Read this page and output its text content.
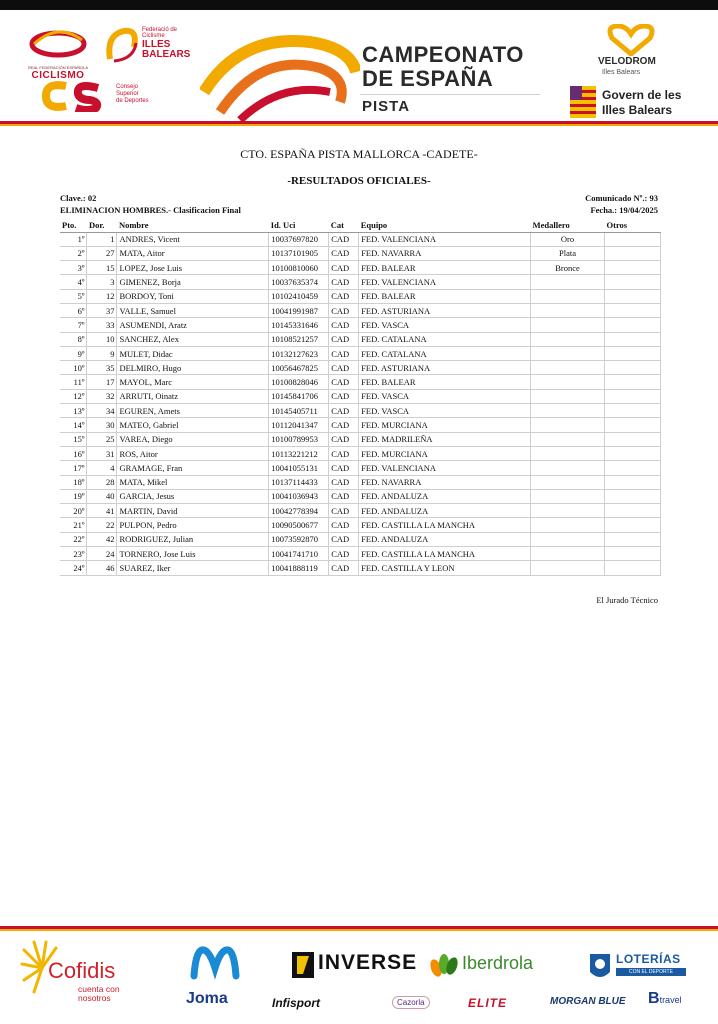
REAL FEDERACIÓN ESPAÑOLA
CICLISMO
Federació de Ciclisme
ILLES BALEARS
Consejo
Superior
de Deportes
CAMPEONATO
DE ESPAÑA
PISTA
VELODROM
Illes Balears
Govern de les
Illes Balears
CTO. ESPAÑA PISTA MALLORCA -CADETE-
-RESULTADOS OFICIALES-
Clave.: 02	Comunicado Nº.: 93
ELIMINACION HOMBRES.- Clasificacion Final	Fecha.: 19/04/2025
Pto.	Dor.	Nombre	Id. Uci	Cat	Equipo	Medallero	Otros
1º	1	ANDRES, Vicent	10037697820	CAD	FED. VALENCIANA	Oro	
2º	27	MATA, Aitor	10137101905	CAD	FED. NAVARRA	Plata	
3º	15	LOPEZ, Jose Luis	10100810060	CAD	FED. BALEAR	Bronce	
4º	3	GIMENEZ, Borja	10037635374	CAD	FED. VALENCIANA		
5º	12	BORDOY, Toni	10102410459	CAD	FED. BALEAR		
6º	37	VALLE, Samuel	10041991987	CAD	FED. ASTURIANA		
7º	33	ASUMENDI, Aratz	10145331646	CAD	FED. VASCA		
8º	10	SANCHEZ, Alex	10108521257	CAD	FED. CATALANA		
9º	9	MULET, Didac	10132127623	CAD	FED. CATALANA		
10º	35	DELMIRO, Hugo	10056467825	CAD	FED. ASTURIANA		
11º	17	MAYOL, Marc	10100828046	CAD	FED. BALEAR		
12º	32	ARRUTI, Oinatz	10145841706	CAD	FED. VASCA		
13º	34	EGUREN, Amets	10145405711	CAD	FED. VASCA		
14º	30	MATEO, Gabriel	10112041347	CAD	FED. MURCIANA		
15º	25	VAREA, Diego	10100789953	CAD	FED. MADRILEÑA		
16º	31	ROS, Aitor	10113221212	CAD	FED. MURCIANA		
17º	4	GRAMAGE, Fran	10041055131	CAD	FED. VALENCIANA		
18º	28	MATA, Mikel	10137114433	CAD	FED. NAVARRA		
19º	40	GARCIA, Jesus	10041036943	CAD	FED. ANDALUZA		
20º	41	MARTIN, David	10042778394	CAD	FED. ANDALUZA		
21º	22	PULPON, Pedro	10090500677	CAD	FED. CASTILLA LA MANCHA		
22º	42	RODRIGUEZ, Julian	10073592870	CAD	FED. ANDALUZA		
23º	24	TORNERO, Jose Luis	10041741710	CAD	FED. CASTILLA LA MANCHA		
24º	46	SUAREZ, Iker	10041888119	CAD	FED. CASTILLA Y LEON		
El Jurado Técnico
Cofidis
cuenta con
nosotros	Joma
INVERSE
Infisport
Iberdrola
Cazorla	ELITE	MORGAN BLUE
LOTERÍAS
CON EL DEPORTE
Btravel
